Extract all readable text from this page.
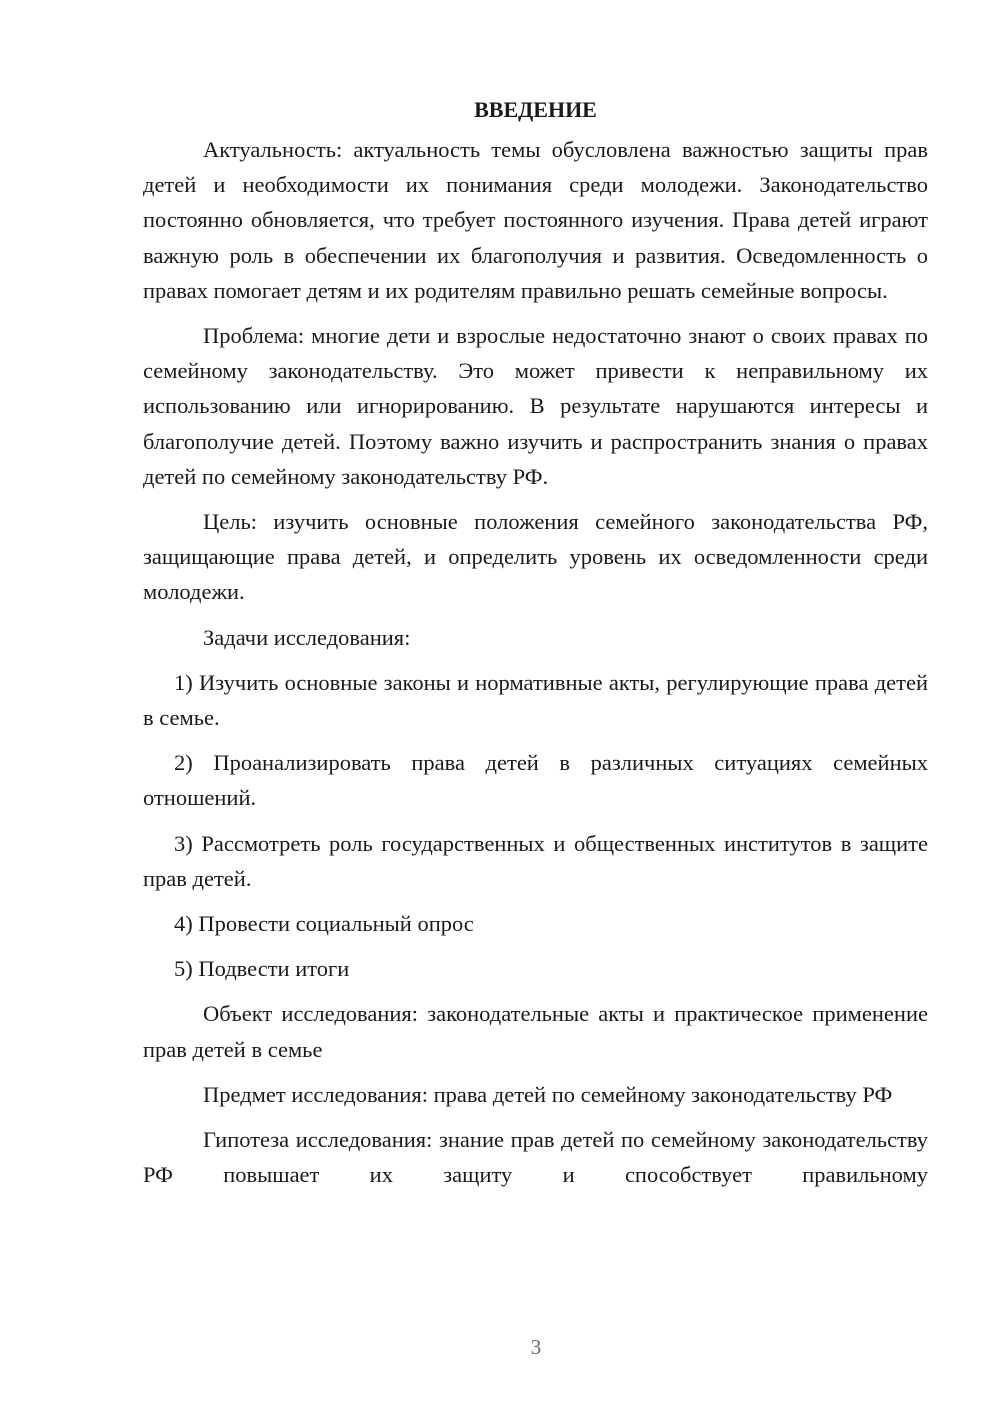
ВВЕДЕНИЕ

Актуальность: актуальность темы обусловлена важностью защиты прав детей и необходимости их понимания среди молодежи. Законодательство постоянно обновляется, что требует постоянного изучения. Права детей играют важную роль в обеспечении их благополучия и развития. Осведомленность о правах помогает детям и их родителям правильно решать семейные вопросы.

Проблема: многие дети и взрослые недостаточно знают о своих правах по семейному законодательству. Это может привести к неправильному их использованию или игнорированию. В результате нарушаются интересы и благополучие детей. Поэтому важно изучить и распространить знания о правах детей по семейному законодательству РФ.

Цель: изучить основные положения семейного законодательства РФ, защищающие права детей, и определить уровень их осведомленности среди молодежи.

Задачи исследования:

1) Изучить основные законы и нормативные акты, регулирующие права детей в семье.

2) Проанализировать права детей в различных ситуациях семейных отношений.

3) Рассмотреть роль государственных и общественных институтов в защите прав детей.

4) Провести социальный опрос

5) Подвести итоги

Объект исследования: законодательные акты и практическое применение прав детей в семье

Предмет исследования: права детей по семейному законодательству РФ

Гипотеза исследования: знание прав детей по семейному законодательству РФ повышает их защиту и способствует правильному

3
